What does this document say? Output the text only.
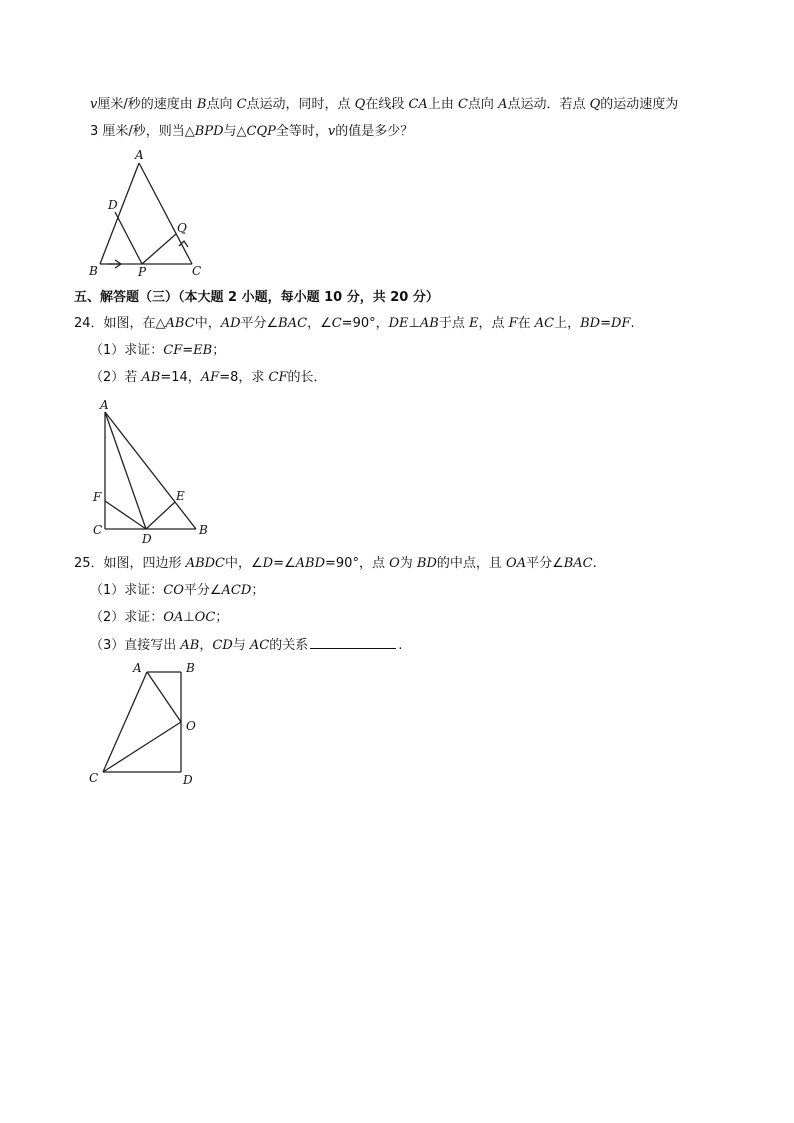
v厘米/秒的速度由 B点向 C点运动，同时，点 Q在线段 CA上由 C点向 A点运动．若点 Q的运动速度为
3 厘米/秒，则当△BPD与△CQP全等时，v的值是多少？
A
B	C
D
P
Q
五、解答题（三）（本大题 2 小题，每小题 10 分，共 20 分）
24．如图，在△ABC中，AD平分∠BAC，∠C=90°，DE⊥AB于点 E，点 F在 AC上，BD=DF.
（1）求证：CF=EB；
（2）若 AB=14，AF=8，求 CF的长．
A
F
C
D
E
B
25．如图，四边形 ABDC中，∠D=∠ABD=90°，点 O为 BD的中点，且 OA平分∠BAC.
（1）求证：CO平分∠ACD；
（2）求证：OA⊥OC；
（3）直接写出 AB，CD与 AC的关系	.
A	B
O
C	D
